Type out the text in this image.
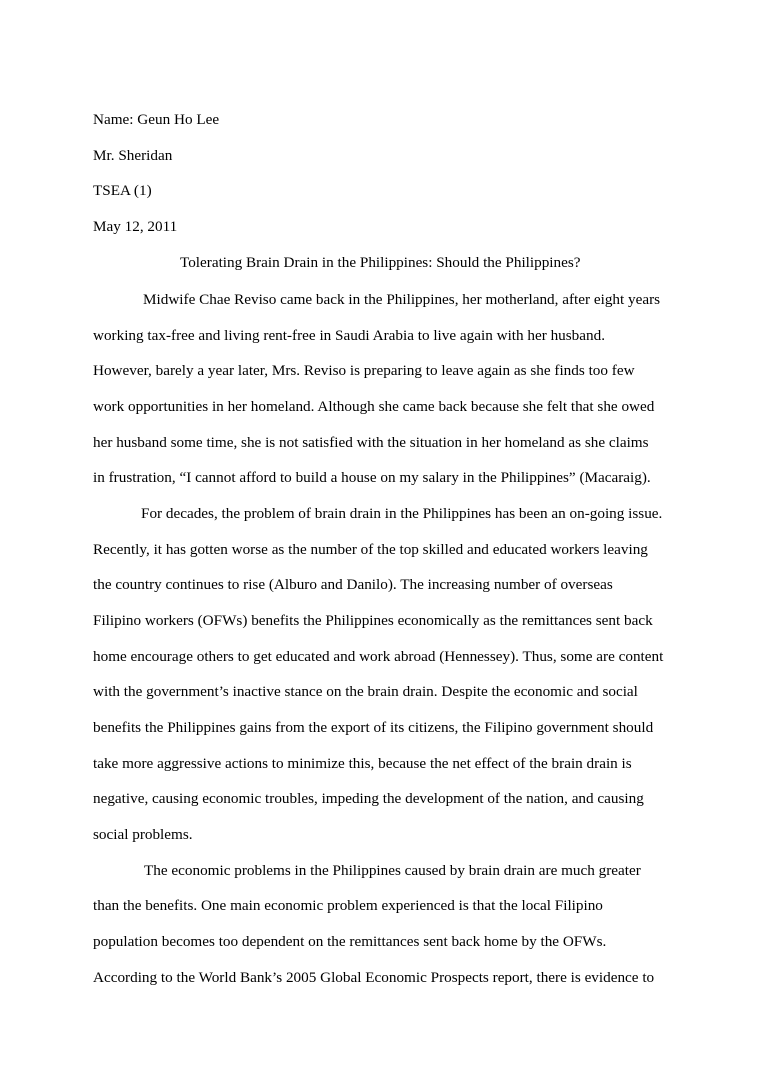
Name: Geun Ho Lee
Mr. Sheridan
TSEA (1)
May 12, 2011
Tolerating Brain Drain in the Philippines: Should the Philippines?
Midwife Chae Reviso came back in the Philippines, her motherland, after eight years
working tax-free and living rent-free in Saudi Arabia to live again with her husband.
However, barely a year later, Mrs. Reviso is preparing to leave again as she finds too few
work opportunities in her homeland. Although she came back because she felt that she owed
her husband some time, she is not satisfied with the situation in her homeland as she claims
in frustration, “I cannot afford to build a house on my salary in the Philippines” (Macaraig).
For decades, the problem of brain drain in the Philippines has been an on-going issue.
Recently, it has gotten worse as the number of the top skilled and educated workers leaving
the country continues to rise (Alburo and Danilo). The increasing number of overseas
Filipino workers (OFWs) benefits the Philippines economically as the remittances sent back
home encourage others to get educated and work abroad (Hennessey). Thus, some are content
with the government’s inactive stance on the brain drain. Despite the economic and social
benefits the Philippines gains from the export of its citizens, the Filipino government should
take more aggressive actions to minimize this, because the net effect of the brain drain is
negative, causing economic troubles, impeding the development of the nation, and causing
social problems.
The economic problems in the Philippines caused by brain drain are much greater
than the benefits. One main economic problem experienced is that the local Filipino
population becomes too dependent on the remittances sent back home by the OFWs.
According to the World Bank’s 2005 Global Economic Prospects report, there is evidence to
